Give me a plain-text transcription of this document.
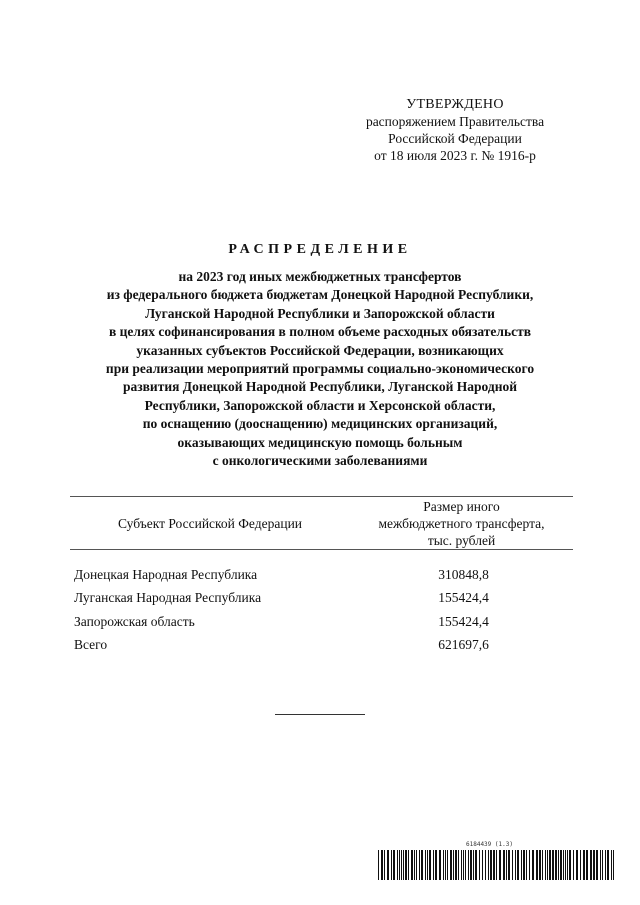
УТВЕРЖДЕНО
распоряжением Правительства
Российской Федерации
от 18 июля 2023 г. № 1916-р
РАСПРЕДЕЛЕНИЕ
на 2023 год иных межбюджетных трансфертов
из федерального бюджета бюджетам Донецкой Народной Республики,
Луганской Народной Республики и Запорожской области
в целях софинансирования в полном объеме расходных обязательств
указанных субъектов Российской Федерации, возникающих
при реализации мероприятий программы социально-экономического
развития Донецкой Народной Республики, Луганской Народной
Республики, Запорожской области и Херсонской области,
по оснащению (дооснащению) медицинских организаций,
оказывающих медицинскую помощь больным
с онкологическими заболеваниями
Субъект Российской Федерации
Размер иного
межбюджетного трансферта,
тыс. рублей
Донецкая Народная Республика	310848,8
Луганская Народная Республика	155424,4
Запорожская область	155424,4
Всего	621697,6
6184439 (1.3)
